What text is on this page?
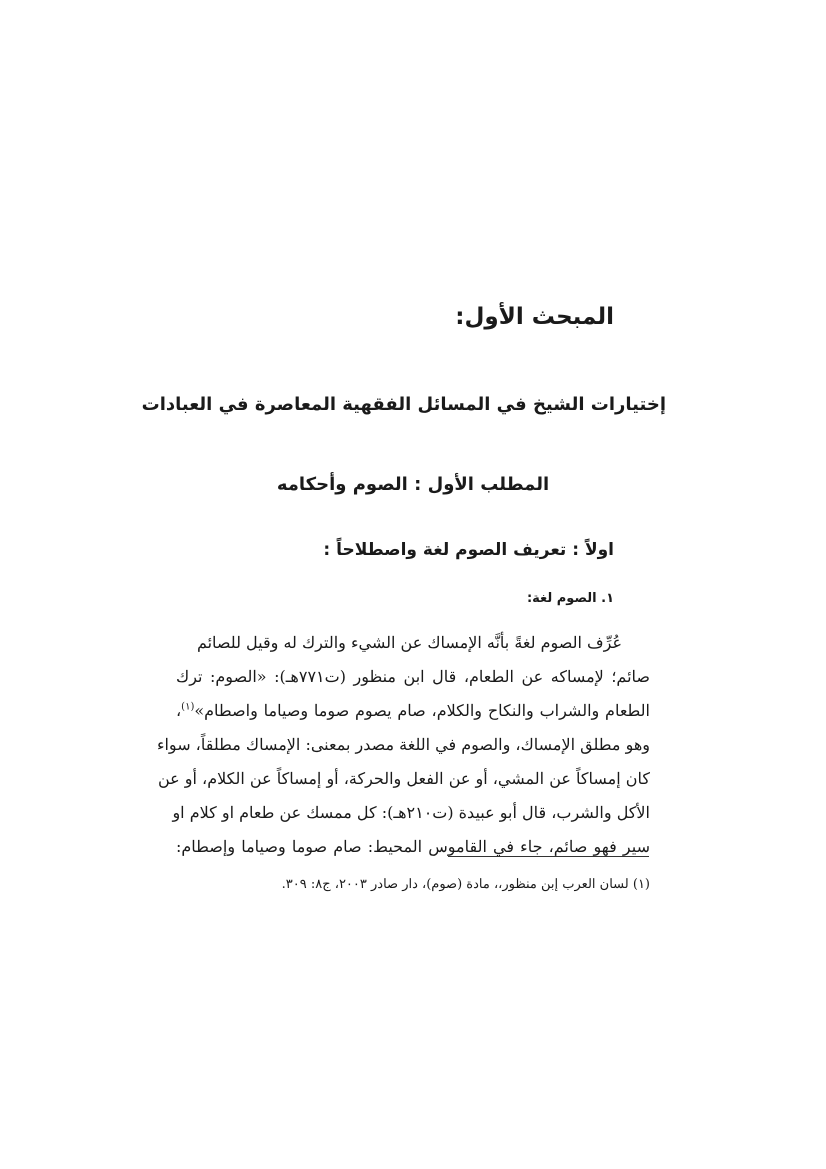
المبحث الأول:
إختيارات الشيخ في المسائل الفقهية المعاصرة في العبادات
المطلب الأول : الصوم وأحكامه
اولاً : تعريف الصوم لغة واصطلاحاً :
١. الصوم لغة:
عُرِّف الصوم لغةً بأنَّه الإمساك عن الشيء والترك له وقيل للصائم
صائم؛ لإمساكه عن الطعام، قال ابن منظور (ت٧٧١هـ): «الصوم: ترك
الطعام والشراب والنكاح والكلام، صام يصوم صوما وصياما واصطام»$^{(١)}$،
وهو مطلق الإمساك، والصوم في اللغة مصدر بمعنى: الإمساك مطلقاً، سواء
كان إمساكاً عن المشي، أو عن الفعل والحركة، أو إمساكاً عن الكلام، أو عن
الأكل والشرب، قال أبو عبيدة (ت٢١٠هـ): كل ممسك عن طعام او كلام او
سير فهو صائم، جاء في القاموس المحيط: صام صوما وصياما وإصطام:
(١) لسان العرب إبن منظور،، مادة (صوم)، دار صادر ٢٠٠٣، ج٨: ٣٠٩.
